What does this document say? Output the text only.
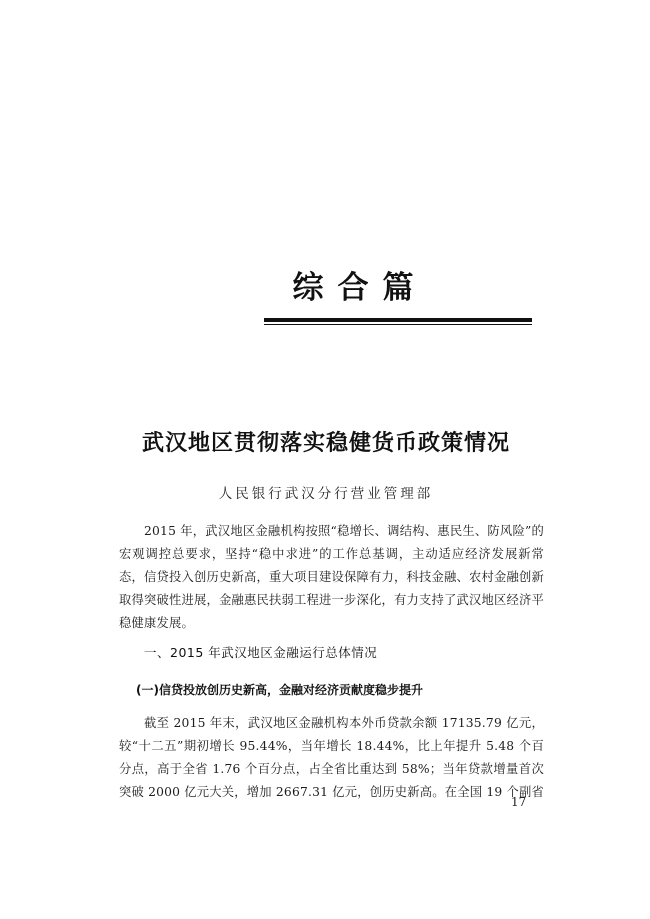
综合篇
武汉地区贯彻落实稳健货币政策情况
人民银行武汉分行营业管理部

2015 年，武汉地区金融机构按照“稳增长、调结构、惠民生、防风险”的宏观调控总要求，坚持“稳中求进”的工作总基调，主动适应经济发展新常态，信贷投入创历史新高，重大项目建设保障有力，科技金融、农村金融创新取得突破性进展，金融惠民扶弱工程进一步深化，有力支持了武汉地区经济平稳健康发展。

一、2015 年武汉地区金融运行总体情况
(一)信贷投放创历史新高，金融对经济贡献度稳步提升

截至 2015 年末，武汉地区金融机构本外币贷款余额 17135.79 亿元，较“十二五”期初增长 95.44%，当年增长 18.44%，比上年提升 5.48 个百分点，高于全省 1.76 个百分点，占全省比重达到 58%；当年贷款增量首次突破 2000 亿元大关，增加 2667.31 亿元，创历史新高。在全国 19 个副省

17
